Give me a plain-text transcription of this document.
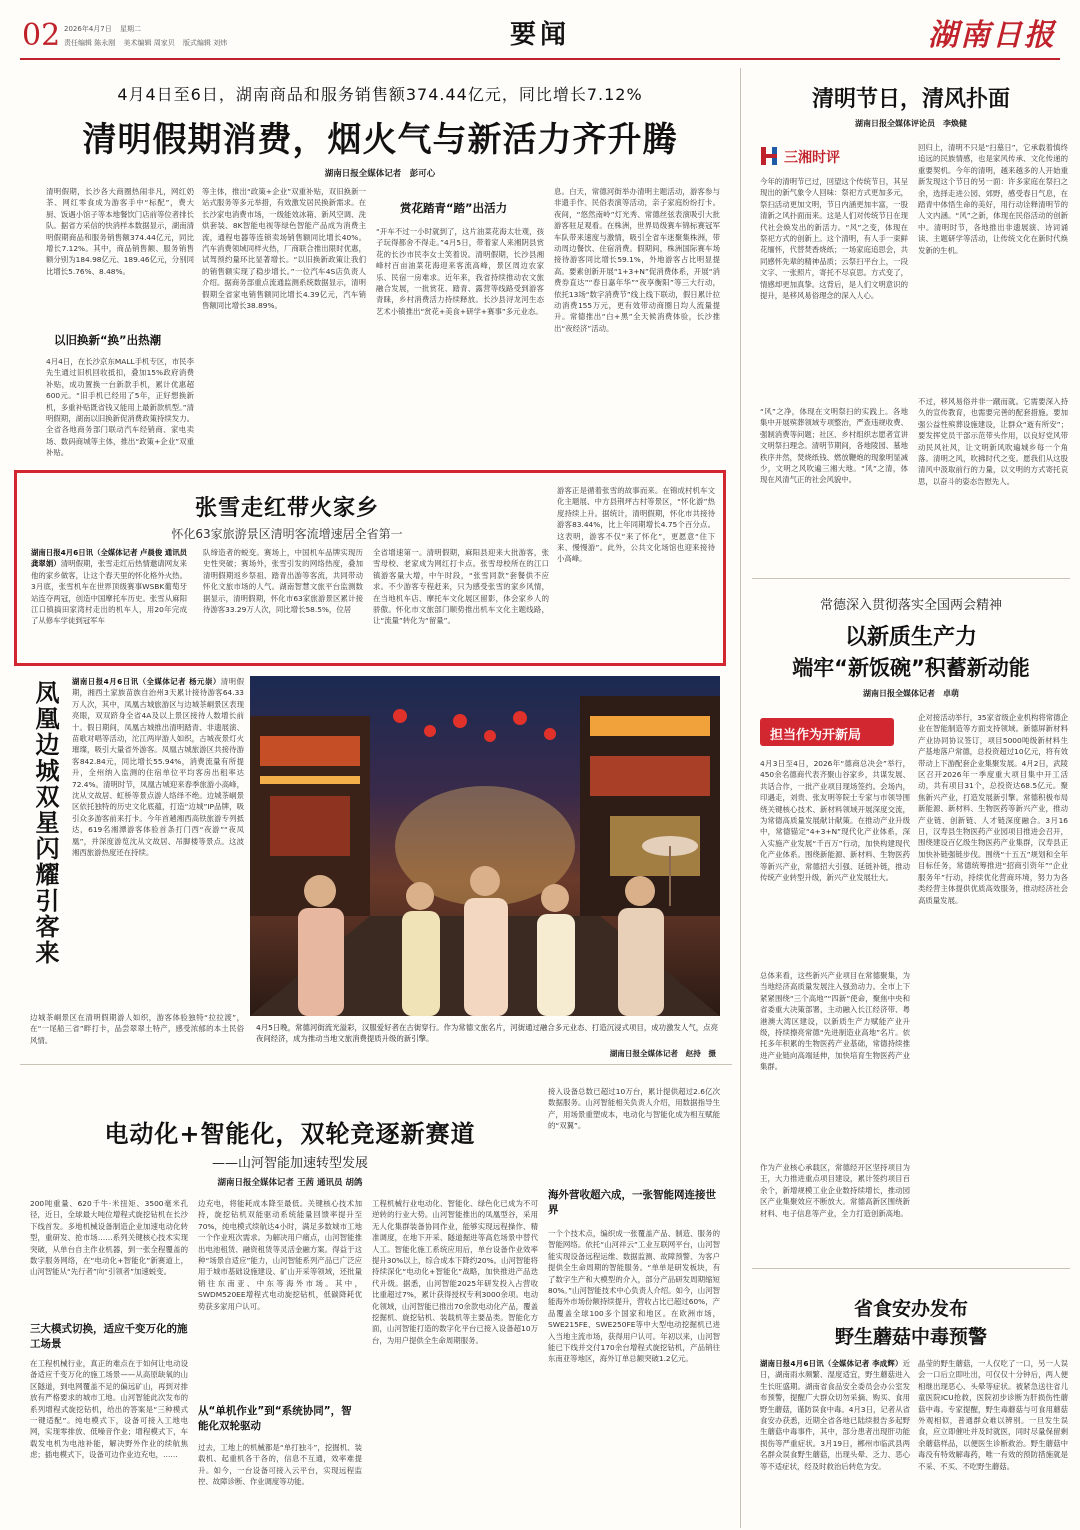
02 2026年4月7日 星期二
责任编辑 陈永刚 美术编辑 周家贝 版式编辑 刘炜	要闻	湖南日报
4月4日至6日，湖南商品和服务销售额374.44亿元，同比增长7.12%
清明假期消费，烟火气与新活力齐升腾
湖南日报全媒体记者　彭可心
清明假期，长沙各大商圈热闹非凡，网红奶茶、网红零食成为游客手中“标配”，费大厨、饭遇小馆子等本地餐饮门店前等位者排长队。据省方采信的快消样本数据显示，湖南清明假期商品和服务销售额374.44亿元，同比增长7.12%。其中，商品销售额、服务销售额分别为184.98亿元、189.46亿元，分别同比增长5.76%、8.48%。
以旧换新“换”出热潮
4月4日，在长沙京东MALL手机专区，市民李先生通过旧机回收抵扣，叠加15%政府消费补贴，成功置换一台新款手机，累计优惠超600元。“旧手机已经用了5年，正好想换新机，多重补贴既省钱又能用上最新款机型。”清明假期，湖南以旧换新促消费政策持续发力。全省各地商务部门联动汽车经销商、家电卖场、数码商城等主体，推出“政策+企业”双重补贴。
等主体，推出“政策+企业”双重补贴，双旧换新一站式服务等多元举措，有效激发居民换新需求。在长沙家电消费市场，一级能效冰箱、新风空调、洗烘套装、8K智能电视等绿色智能产品成为消费主流，通程电器等连锁卖场销售额同比增长40%。汽车消费领域同样火热，厂商联合推出限时优惠，试驾预约量环比显著增长。“以旧换新政策让我们的销售额实现了稳步增长。”一位汽车4S店负责人介绍。据商务部重点流通监测系统数据显示，清明假期全省家电销售额同比增长4.39亿元，汽车销售额同比增长38.89%。
赏花踏青“踏”出活力
“开车不过一小时就到了，这片油菜花海太壮观，孩子玩得都舍不得走。”4月5日，带着家人来湘阴县赏花的长沙市民李女士笑着说。清明假期，长沙县湘峰村百亩油菜花海迎来客流高峰，景区周边农家乐、民宿一房难求。近年来，我省持续推动农文旅融合发展，一批赏花、踏青、露营等线路受到游客青睐，乡村消费活力持续释放。长沙县浔龙河生态艺术小镇推出“赏花+美食+研学+赛事”多元业态。
息。白天，常德河街举办清明主题活动，游客参与非遗手作、民俗表演等活动，亲子家庭纷纷打卡。夜间，“悠然南岭”灯光秀、常德丝弦表演吸引大批游客驻足观看。在株洲，世界局级赛车锦标赛冠军车队带来速度与激情，吸引全省车迷聚集株洲，带动周边餐饮、住宿消费。假期间，株洲国际赛车场接待游客同比增长59.1%，外地游客占比明显提高。要素创新开展“1+3+N”促消费体系，开展“消费券直达”“春日嘉年华”“夜享衡阳”等三大行动，依托13场“数字消费节”线上线下联动，假日累计拉动消费155万元，更有效带动商圈日均人流量提升。常德推出“白+黑”全天候消费体验，长沙推出“夜经济”活动。
清明节日，清风扑面
湖南日报全媒体评论员　李焕健
三湘时评
今年的清明节已过，回望这个传统节日，其呈现出的新气象令人回味：祭祀方式更加多元，祭扫活动更加文明，节日内涵更加丰富，一股清新之风扑面而来。这是人们对传统节日在现代社会焕发出的新活力。“风”之变，体现在祭祀方式的创新上。这个清明，有人手一束鲜花缅怀，代替焚香烧纸；一场家庭追思会，共同感怀先辈的精神品质；云祭扫平台上，一段文字、一张照片，寄托不尽哀思。方式变了，情感却更加真挚。这背后，是人们文明意识的提升，是移风易俗理念的深入人心。
“风”之净，体现在文明祭扫的实践上。各地集中开展殡葬领域专项整治，严查违规收费、强制消费等问题；社区、乡村组织志愿者宣讲文明祭扫理念。清明节期间，各地陵园、墓地秩序井然，焚烧纸钱、燃放鞭炮的现象明显减少，文明之风吹遍三湘大地。“风”之清，体现在风清气正的社会风貌中。
回归上，清明不只是“扫墓日”，它承载着慎终追远的民族情感，也是家风传承、文化传递的重要契机。今年的清明，越来越多的人开始重新发现这个节日的另一面：许多家庭在祭扫之余，选择走进公园、郊野，感受春日气息，在踏青中体悟生命的美好，用行动诠释清明节的人文内涵。“风”之新，体现在民俗活动的创新中。清明时节，各地推出非遗展演、诗词诵读、主题研学等活动，让传统文化在新时代焕发新的生机。
不过，移风易俗并非一蹴而就。它需要深入持久的宣传教育，也需要完善的配套措施。要加强公益性殡葬设施建设，让群众“逝有所安”；要发挥党员干部示范带头作用，以良好党风带动民风社风，让文明新风吹遍城乡每一个角落。清明之风，吹拂时代之变。愿我们从这股清风中汲取前行的力量，以文明的方式寄托哀思，以奋斗的姿态告慰先人。
张雪走红带火家乡
怀化63家旅游景区清明客流增速居全省第一
湖南日报4月6日讯（全媒体记者 卢晨俊 通讯员 龚翠娟）清明假期，张雪走红后热情邀请网友来他的家乡做客，让这个春天里的怀化格外火热。3月底，张雪机车在世界顶级赛事WSBK葡萄牙站连夺两冠，创造中国摩托车历史。张雪从麻阳江口镇搞田家湾村走出的机车人，用20年完成了从修车学徒到冠军车
队缔造者的蜕变。赛场上，中国机车品牌实现历史性突破；赛场外，张雪引发的网络热度，叠加清明假期返乡祭祖、踏青出游等客流，共同带动怀化文旅市场的人气。湖南智慧文旅平台监测数据显示，清明假期，怀化市63家旅游景区累计接待游客33.29万人次，同比增长58.5%，位居
全省增速第一。清明假期，麻阳县迎来大批游客，张雪母校、老家成为网红打卡点。张雪母校所在的江口镇游客量大增，中午时段，“张雪同款”套餐供不应求。不少游客专程赶来，只为感受张雪的家乡风情，在当地机车店、摩托车文化展区留影，体会家乡人的骄傲。怀化市文旅部门顺势推出机车文化主题线路，让“流量”转化为“留量”。
游客正是循着张雪的故事而来。在锦成村机车文化主题展、中方县荆坪古村等景区，“怀化游”热度持续上升。据统计，清明假期，怀化市共接待游客83.44%，比上年同期增长4.75个百分点。这表明，游客不仅“来了怀化”，更愿意“住下来、慢慢游”。此外，公共文化场馆也迎来接待小高峰。
凤凰边城双星闪耀引客来 湖南日报4月6日讯（全媒体记者 杨元崇）清明假期，湘西土家族苗族自治州3天累计接待游客64.33万人次，其中，凤凰古城旅游区与边城茶峒景区表现亮眼，双双跻身全省4A及以上景区接待人数增长前十。假日期间，凤凰古城推出清明踏青、非遗展演、苗歌对唱等活动，沱江两岸游人如织，古城夜景灯火璀璨，吸引大量省外游客。凤凰古城旅游区共接待游客842.84元，同比增长55.94%，消费流量有所提升，全州纳入监测的住宿单位平均客房出租率达72.4%。清明时节，凤凰古城迎来春季旅游小高峰，沈从文故居、虹桥等景点游人络绎不绝。边城茶峒景区依托独特的历史文化底蕴，打造“边城”IP品牌，吸引众多游客前来打卡。今年首趟湘西高铁旅游专列抵达，619名湘潭游客体验首条打门西“夜游”“夜凤凰”，并深度游览沈从文故居、吊脚楼等景点。这波湘西旅游热度还在持续。
边城茶峒景区在清明假期游人如织，游客体验独特“拉拉渡”，在“一尾船三省”畔打卡，品尝翠翠土特产，感受浓郁的本土民俗风情。
4月5日晚，常德河街流光溢彩，汉服爱好者在古街穿行。作为常德文旅名片，河街通过融合多元业态、打造沉浸式项目，成功激发人气，点亮夜间经济，成为推动当地文旅消费提质升级的新引擎。
湖南日报全媒体记者　赵持　摄
电动化+智能化，双轮竞逐新赛道
——山河智能加速转型发展
湖南日报全媒体记者 王茜 通讯员 胡鸽
200吨重量、620千牛·米扭矩、3500毫米孔径，近日，全球最大吨位增程式旋挖钻机在长沙下线首发。多地机械设备制造企业加速电动化转型，重研发、抢市场……系列关键核心技术实现突破，从单台自主作业机器，到一张全程覆盖的数字服务网络，在“电动化+智能化”新赛道上，山河智能从“先行者”向“引领者”加速蜕变。
三大模式切换，适应千变万化的施工场景
在工程机械行业，真正的难点在于如何让电动设备适应千变万化的施工场景——从高原缺氧的山区隧道，到电网覆盖不足的偏远矿山，再到对排放有严格要求的城市工地。山河智能此次发布的系列增程式旋挖钻机，给出的答案是“三种模式一键适配”。纯电模式下，设备可接入工地电网，实现零排放、低噪音作业；增程模式下，车载发电机为电池补能，解决野外作业的续航焦虑；插电模式下，设备可边作业边充电，……
边充电，将能耗成本降至最低。关键核心技术加持，旋挖钻机双能驱动系统能量回馈率提升至70%，纯电模式续航达4小时，满足多数城市工地一个作业班次需求。为解决用户痛点，山河智能推出电池租赁、融资租赁等灵活金融方案。得益于这种“场景自适应”能力，山河智能系列产品已广泛应用于城市基础设施建设、矿山开采等领域，还批量销往东南亚、中东等海外市场。其中，SWDM520EE增程式电动旋挖钻机，低碳降耗优势获多家用户认可。
从“单机作业”到“系统协同”，智能化双轮驱动
过去，工地上的机械都是“单打独斗”，挖掘机、装载机、起重机各干各的，信息不互通，效率难提升。如今，一台设备可接入云平台，实现远程监控、故障诊断、作业调度等功能。
工程机械行业电动化、智能化、绿色化已成为不可逆转的行业大势。山河智能推出的凤凰型谷，采用无人化集群装备协同作业，能够实现远程操作、精准调度，在地下开采、隧道掘进等高危场景中替代人工。智能化施工系统应用后，单台设备作业效率提升30%以上，综合成本下降约20%。山河智能将持续深化“电动化+智能化”战略，加快推进产品迭代升级。据悉，山河智能2025年研发投入占营收比重超过7%，累计获得授权专利3000余项。电动化领域，山河智能已推出70余款电动化产品，覆盖挖掘机、旋挖钻机、装载机等主要品类。智能化方面，山河智能打造的数字化平台已接入设备超10万台，为用户提供全生命周期服务。
接入设备总数已超过10万台，累计提供超过2.6亿次数据服务。山河智能相关负责人介绍，用数据指导生产，用场景重塑成本，电动化与智能化成为相互赋能的“双翼”。
海外营收超六成，一张智能网连接世界
一个个技术点，编织成一张覆盖产品、制造、服务的智能网络。依托“山河祥云”工业互联网平台，山河智能实现设备远程运维、数据监测、故障预警、为客户提供全生命周期的智能服务。“单单是研发板块，有了数字生产和大模型的介入，部分产品研发周期缩短80%。”山河智能技术中心负责人介绍。如今，山河智能海外市场份额持续提升，营收占比已超过60%，产品覆盖全球100多个国家和地区。在欧洲市场，SWE215FE、SWE250FE等中大型电动挖掘机已进入当地主流市场，获得用户认可。年初以来，山河智能已下线并交付170余台增程式旋挖钻机，产品销往东南亚等地区，海外订单总额突破1.2亿元。
常德深入贯彻落实全国两会精神
以新质生产力
端牢“新饭碗”积蓄新动能
湖南日报全媒体记者　卓萌
担当作为开新局
4月3日至4日，2026年“德商总决会”举行，450余名德商代表齐聚山谷家乡，共谋发展、共话合作，一批产业项目现场签约。会场内，印遇走，刘贵、张友明等院士专家与市领导围绕关键核心技术、新材料领域开展深度交流，为常德高质量发展献计献策。在推动产业升级中，常德锚定“4+3+N”现代化产业体系，深入实施产业发展“千百万”行动，加快构建现代化产业体系。围绕新能源、新材料、生物医药等新兴产业，常德招大引强、延链补链，推动传统产业转型升级，新兴产业发展壮大。
总体来看，这些新兴产业项目在常德聚集，为当地经济高质量发展注入强劲动力。全市上下紧紧围绕“三个高地”“四新”使命，聚焦中央和省委重大决策部署，主动融入长江经济带、粤港澳大湾区建设，以新质生产力赋能产业升级，持续擦亮常德“先进制造业高地”名片。依托多年积累的生物医药产业基础，常德持续推进产业链向高端延伸，加快培育生物医药产业集群。
作为产业核心承载区，常德经开区坚持项目为王，大力推进重点项目建设，累计签约项目百余个，新增规模工业企业数持续增长，推动园区产业集聚效应不断放大。常德高新区围绕新材料、电子信息等产业，全力打造创新高地。
企对接活动举行，35家省级企业机构将常德企业在智能制造等方面支持领域。新德屏新材料产业协同协议签订，项目5000吨级新材料生产基地落户常德，总投资超过10亿元，将有效带动上下游配套企业集聚发展。4月2日，武陵区召开2026年一季度重大项目集中开工活动，共有项目31个，总投资达68.5亿元。聚焦新兴产业，打造发展新引擎。常德积极布局新能源、新材料、生物医药等新兴产业，推动产业链、创新链、人才链深度融合。3月16日，汉寿县生物医药产业园项目推进会召开，围绕建设百亿级生物医药产业集群，汉寿县正加快补链强链步伐。围绕“十五五”规划和全年目标任务，常德统筹推进“招商引资年”“企业服务年”行动，持续优化营商环境，努力为各类经营主体提供优质高效服务，推动经济社会高质量发展。
省食安办发布
野生蘑菇中毒预警
湖南日报4月6日讯（全媒体记者 李成辉）近日，湖南雨水频繁、湿度适宜，野生蘑菇进入生长旺盛期。湖南省食品安全委员会办公室发布预警，提醒广大群众切勿采摘、购买、食用野生蘑菇，谨防误食中毒。4月3日，记者从省食安办获悉，近期全省各地已陆续报告多起野生蘑菇中毒事件，其中，部分患者出现肝功能损伤等严重症状。3月19日，郴州市临武县两名群众误食野生蘑菇，出现头晕、乏力、恶心等不适症状，经及时救治后转危为安。
晶莹的野生蘑菇，一人仅吃了一口，另一人误会一口后立即吐出，可仅仅十分钟后，两人便相继出现恶心、头晕等症状。被紧急送往省儿童医院ICU抢救，医院初步诊断为肝损伤性蘑菇中毒。专家提醒，野生毒蘑菇与可食用蘑菇外观相似，普通群众难以辨别。一旦发生误食，应立即催吐并及时就医，同时尽量保留剩余蘑菇样品，以便医生诊断救治。野生蘑菇中毒没有特效解毒药，唯一有效的预防措施就是不采、不买、不吃野生蘑菇。
